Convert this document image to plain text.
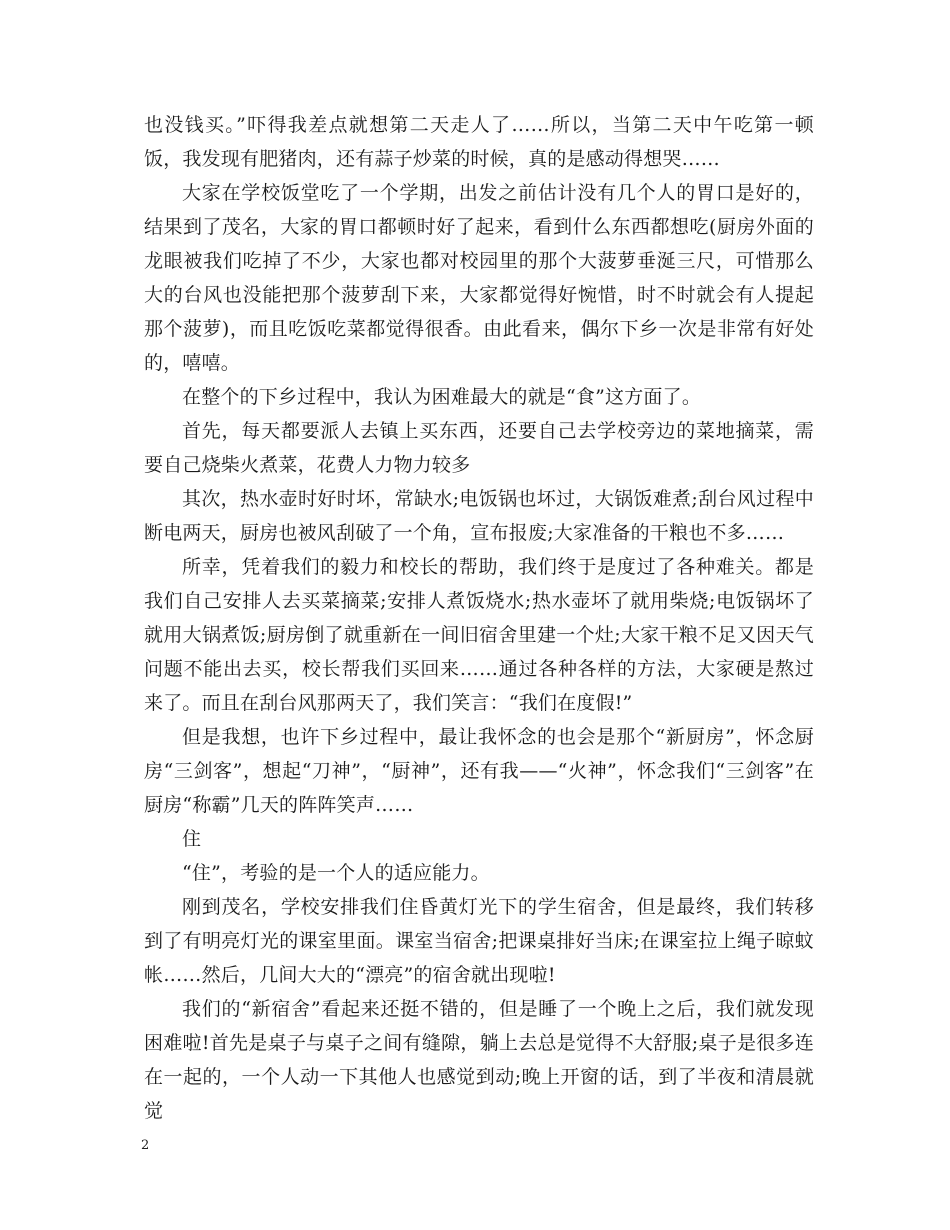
也没钱买。”吓得我差点就想第二天走人了……所以，当第二天中午吃第一顿饭，我发现有肥猪肉，还有蒜子炒菜的时候，真的是感动得想哭……

大家在学校饭堂吃了一个学期，出发之前估计没有几个人的胃口是好的，结果到了茂名，大家的胃口都顿时好了起来，看到什么东西都想吃(厨房外面的龙眼被我们吃掉了不少，大家也都对校园里的那个大菠萝垂涎三尺，可惜那么大的台风也没能把那个菠萝刮下来，大家都觉得好惋惜，时不时就会有人提起那个菠萝)，而且吃饭吃菜都觉得很香。由此看来，偶尔下乡一次是非常有好处的，嘻嘻。

在整个的下乡过程中，我认为困难最大的就是“食”这方面了。

首先，每天都要派人去镇上买东西，还要自己去学校旁边的菜地摘菜，需要自己烧柴火煮菜，花费人力物力较多

其次，热水壶时好时坏，常缺水;电饭锅也坏过，大锅饭难煮;刮台风过程中断电两天，厨房也被风刮破了一个角，宣布报废;大家准备的干粮也不多……

所幸，凭着我们的毅力和校长的帮助，我们终于是度过了各种难关。都是我们自己安排人去买菜摘菜;安排人煮饭烧水;热水壶坏了就用柴烧;电饭锅坏了就用大锅煮饭;厨房倒了就重新在一间旧宿舍里建一个灶;大家干粮不足又因天气问题不能出去买，校长帮我们买回来……通过各种各样的方法，大家硬是熬过来了。而且在刮台风那两天了，我们笑言：“我们在度假!”

但是我想，也许下乡过程中，最让我怀念的也会是那个“新厨房”，怀念厨房“三剑客”，想起“刀神”，“厨神”，还有我——“火神”，怀念我们“三剑客”在厨房“称霸”几天的阵阵笑声……

住

“住”，考验的是一个人的适应能力。

刚到茂名，学校安排我们住昏黄灯光下的学生宿舍，但是最终，我们转移到了有明亮灯光的课室里面。课室当宿舍;把课桌排好当床;在课室拉上绳子晾蚊帐……然后，几间大大的“漂亮”的宿舍就出现啦!

我们的“新宿舍”看起来还挺不错的，但是睡了一个晚上之后，我们就发现困难啦!首先是桌子与桌子之间有缝隙，躺上去总是觉得不大舒服;桌子是很多连在一起的，一个人动一下其他人也感觉到动;晚上开窗的话，到了半夜和清晨就觉

2
